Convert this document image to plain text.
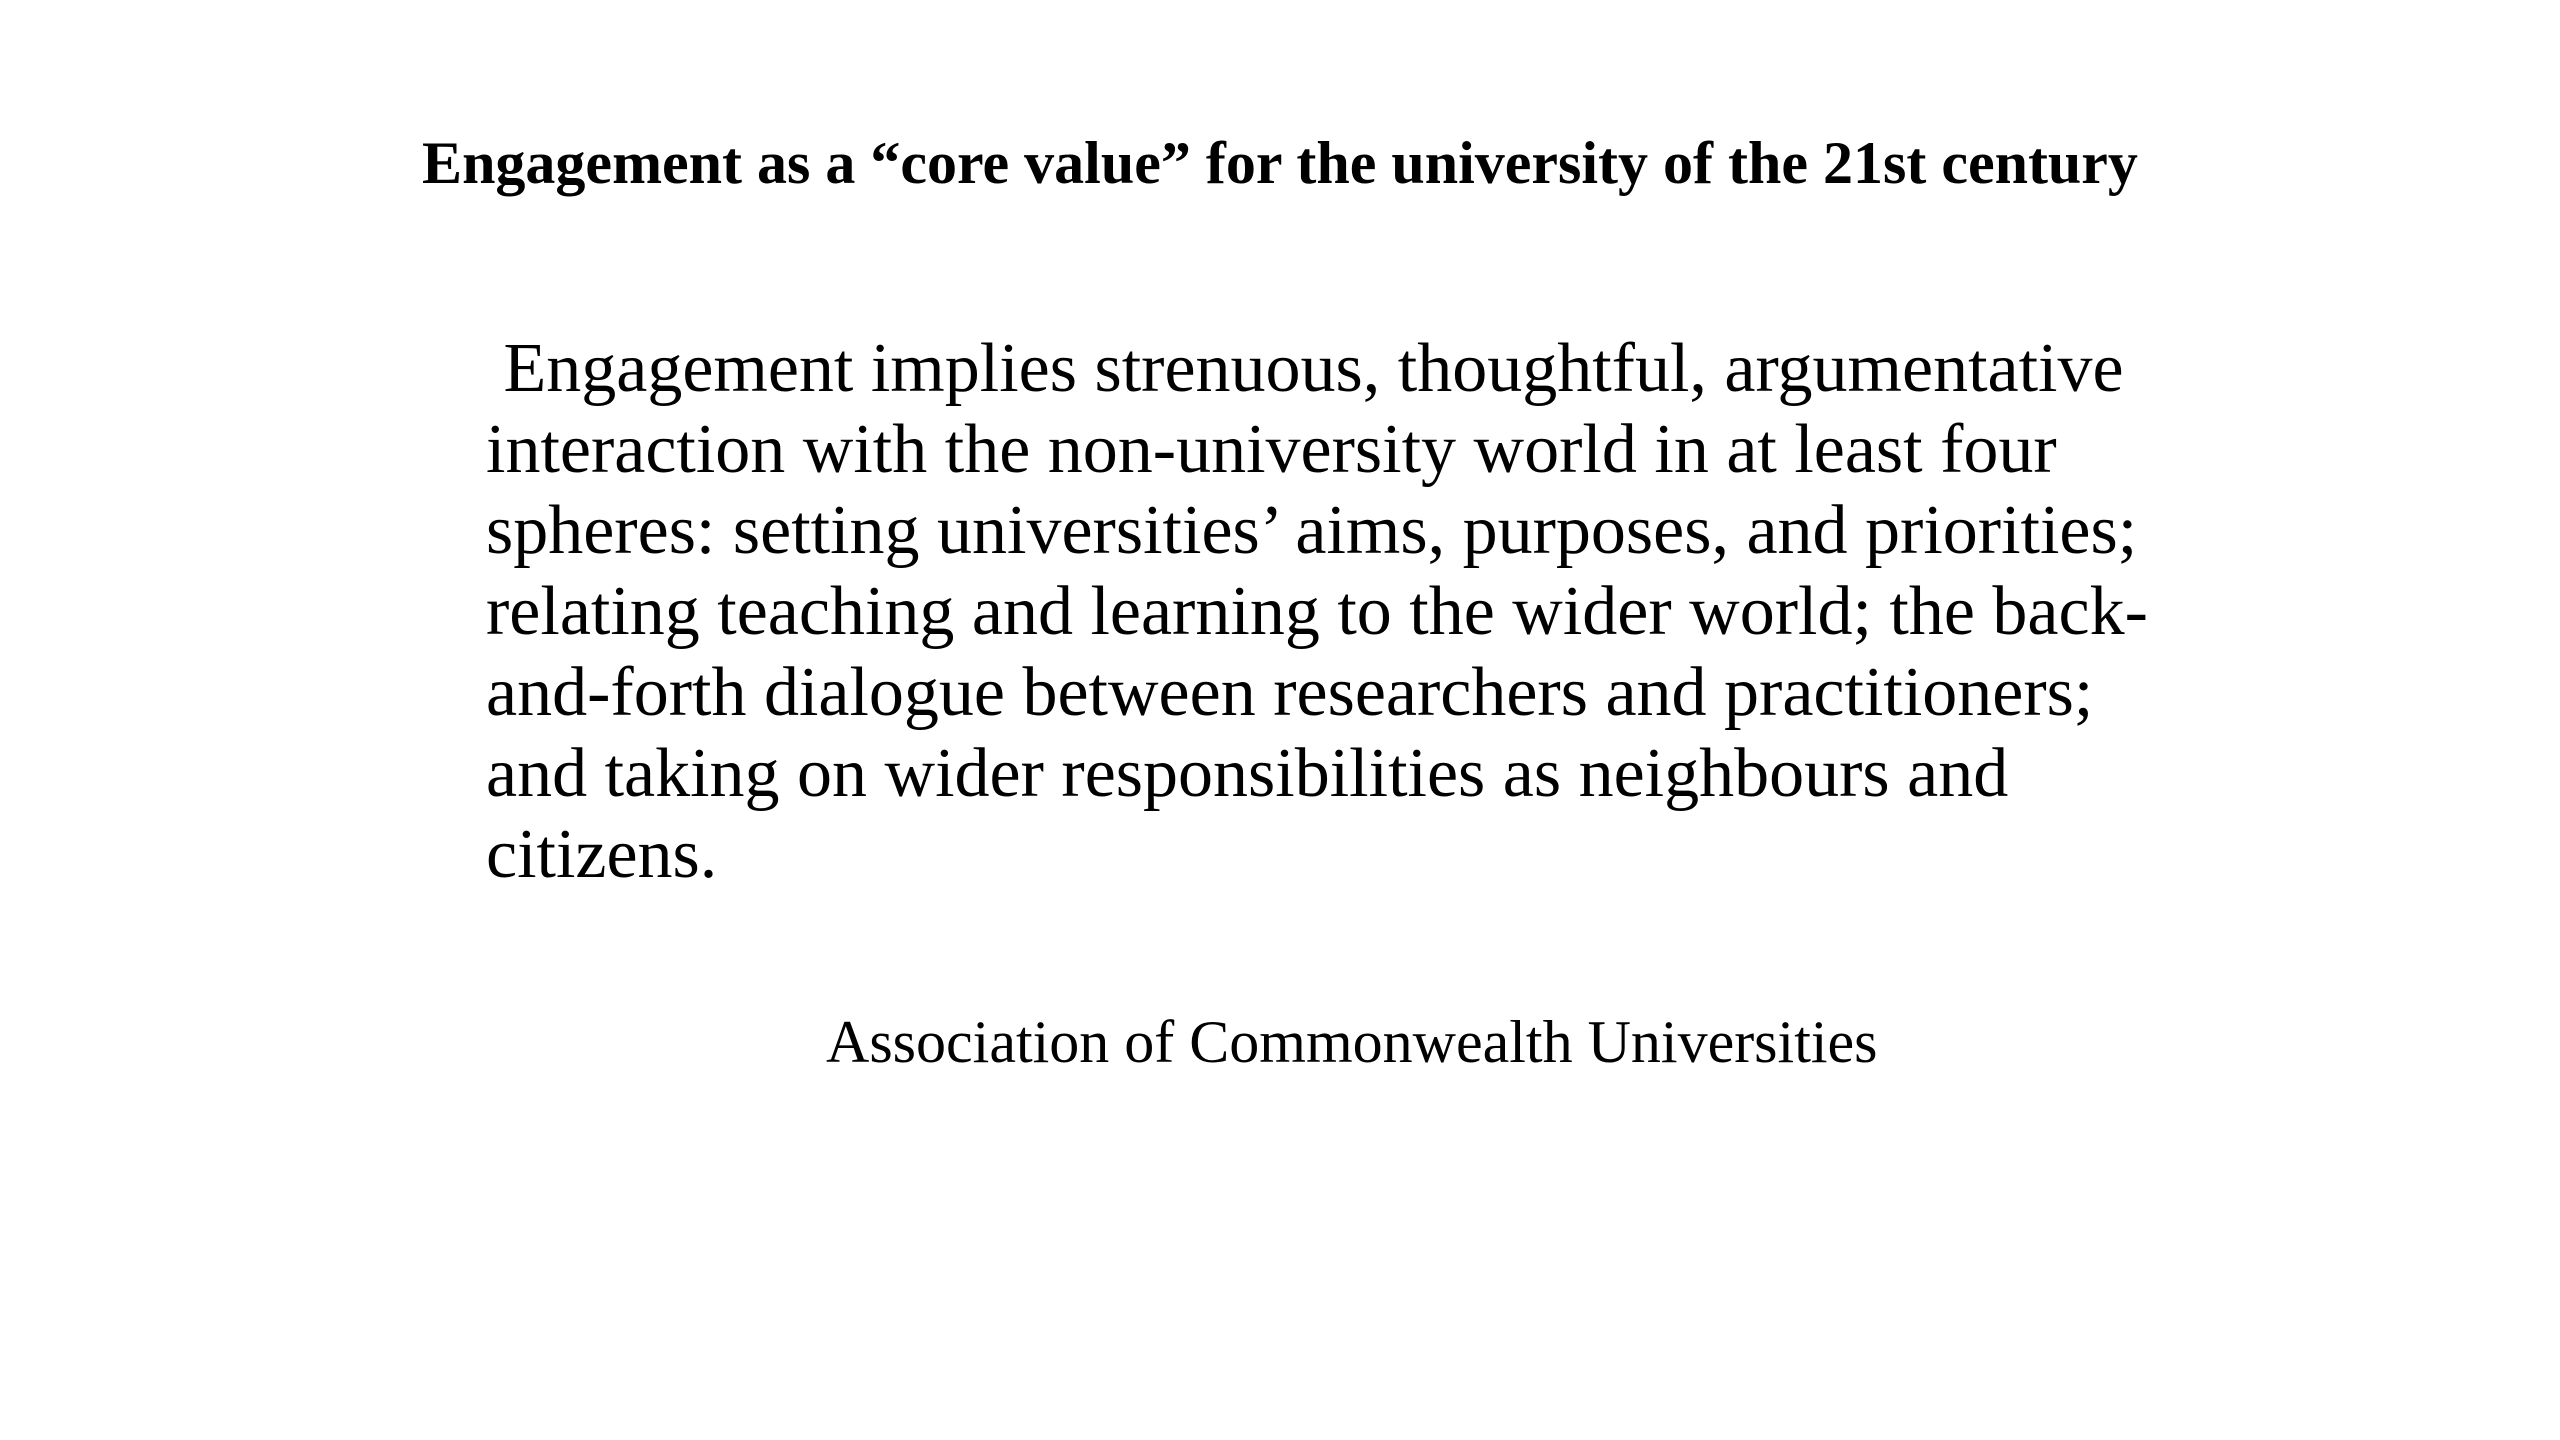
Engagement as a “core value” for the university of the 21st century

Engagement implies strenuous, thoughtful, argumentative interaction with the non-university world in at least four spheres: setting universities’ aims, purposes, and priorities; relating teaching and learning to the wider world; the back-and-forth dialogue between researchers and practitioners; and taking on wider responsibilities as neighbours and citizens.

Association of Commonwealth Universities
